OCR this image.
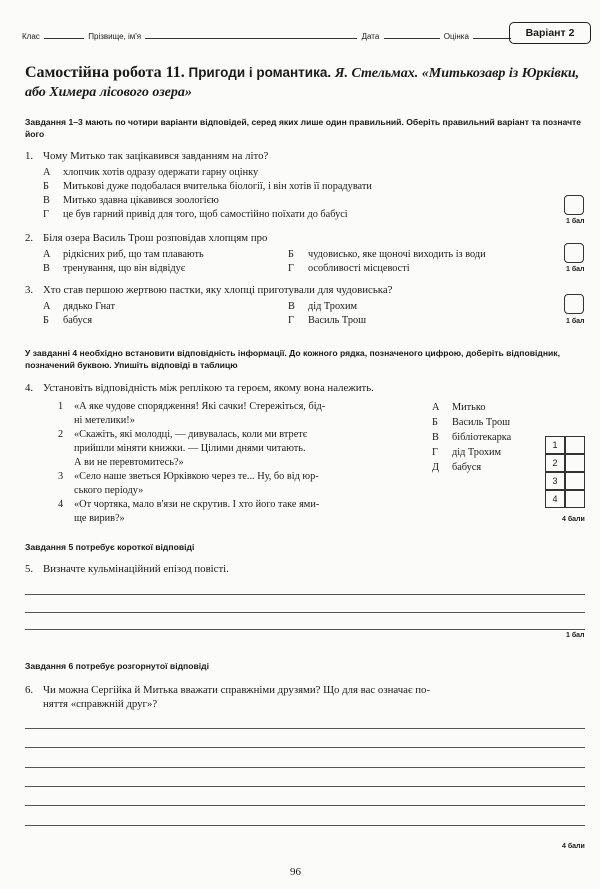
Клас	Прізвище, ім'я	Дата	Оцінка	Варіант 2
Самостійна робота 11. Пригоди і романтика. Я. Стельмах. «Митькозавр із Юрківки, або Химера лісового озера»
Завдання 1–3 мають по чотири варіанти відповідей, серед яких лише один правильний. Оберіть правильний варіант та позначте його
1. Чому Митько так зацікавився завданням на літо?
А хлопчик хотів одразу одержати гарну оцінку
Б Митькові дуже подобалася вчителька біології, і він хотів її порадувати
В Митько здавна цікавився зоологією
Г це був гарний привід для того, щоб самостійно поїхати до бабусі
1 бал
2. Біля озера Василь Трош розповідав хлопцям про
А рідкісних риб, що там плавають	Б чудовисько, яке щоночі виходить із води
В тренування, що він відвідує	Г особливості місцевості	1 бал
3. Хто став першою жертвою пастки, яку хлопці приготували для чудовиська?
А дядько Гнат	В дід Трохим
Б бабуся	Г Василь Трош	1 бал
У завданні 4 необхідно встановити відповідність інформації. До кожного рядка, позначеного цифрою, доберіть відповідник, позначений буквою. Упишіть відповіді в таблицю
4. Установіть відповідність між реплікою та героєм, якому вона належить.
1 «А яке чудове спорядження! Які сачки! Стережіться, бід-
ні метелики!»
2 «Скажіть, які молодці, — дивувалась, коли ми втретє
прийшли міняти книжки. — Цілими днями читають.
А ви не перевтомитесь?»
3 «Село наше зветься Юрківкою через те... Ну, бо від юр-
ського періоду»
4 «От чортяка, мало в'язи не скрутив. І хто його таке ями-
ще вирив?»
А Митько
Б Василь Трош
В бібліотекарка
Г дід Трохим
Д бабуся
1
2
3
4
4 бали
Завдання 5 потребує короткої відповіді
5. Визначте кульмінаційний епізод повісті.
1 бал
Завдання 6 потребує розгорнутої відповіді
6. Чи можна Сергійка й Митька вважати справжніми друзями? Що для вас означає по-
няття «справжній друг»?
4 бали
96
